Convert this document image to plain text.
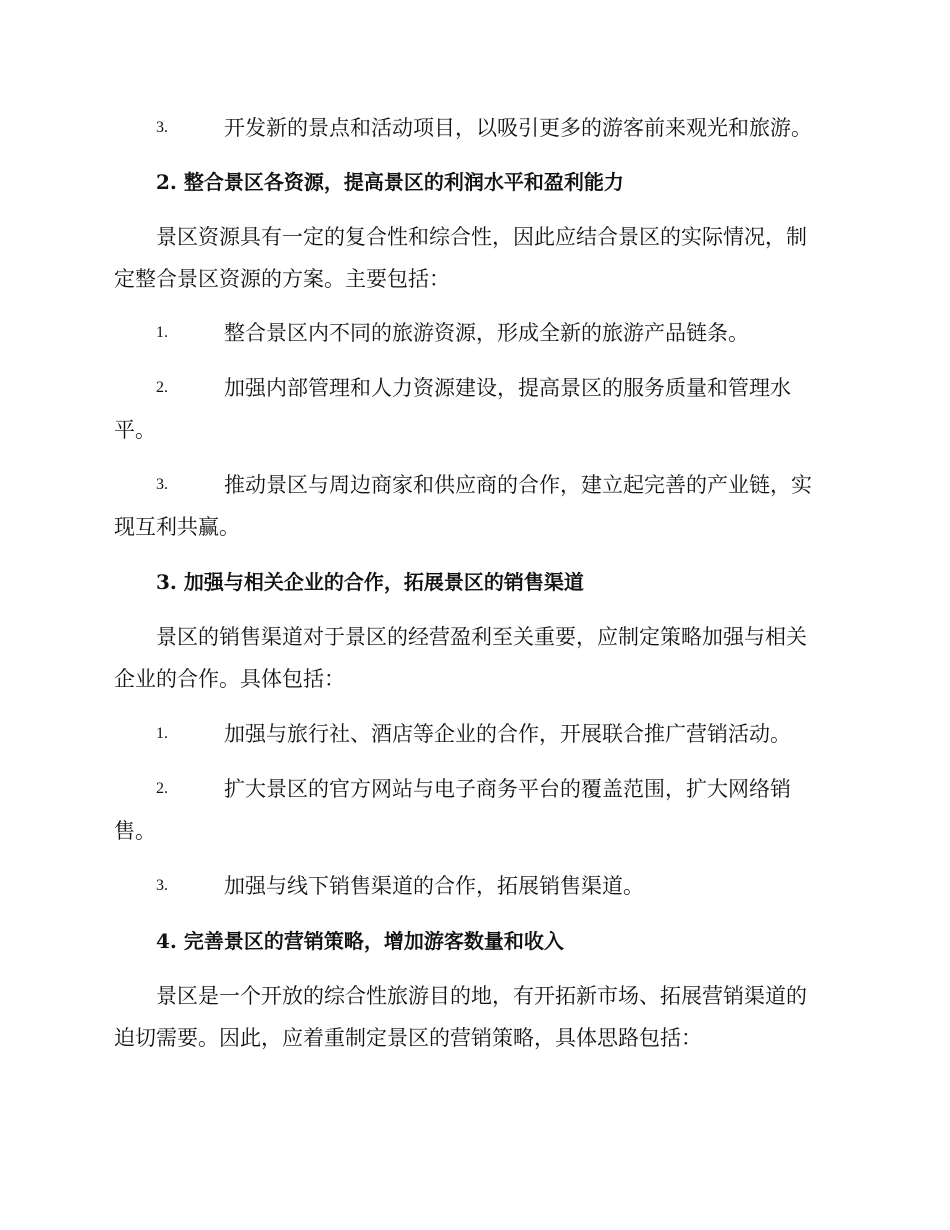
3.	开发新的景点和活动项目，以吸引更多的游客前来观光和旅游。
2. 整合景区各资源，提高景区的利润水平和盈利能力
景区资源具有一定的复合性和综合性，因此应结合景区的实际情况，制
定整合景区资源的方案。主要包括：
1.	整合景区内不同的旅游资源，形成全新的旅游产品链条。
2.	加强内部管理和人力资源建设，提高景区的服务质量和管理水
平。
3.	推动景区与周边商家和供应商的合作，建立起完善的产业链，实
现互利共赢。
3. 加强与相关企业的合作，拓展景区的销售渠道
景区的销售渠道对于景区的经营盈利至关重要，应制定策略加强与相关
企业的合作。具体包括：
1.	加强与旅行社、酒店等企业的合作，开展联合推广营销活动。
2.	扩大景区的官方网站与电子商务平台的覆盖范围，扩大网络销
售。
3.	加强与线下销售渠道的合作，拓展销售渠道。
4. 完善景区的营销策略，增加游客数量和收入
景区是一个开放的综合性旅游目的地，有开拓新市场、拓展营销渠道的
迫切需要。因此，应着重制定景区的营销策略，具体思路包括：
